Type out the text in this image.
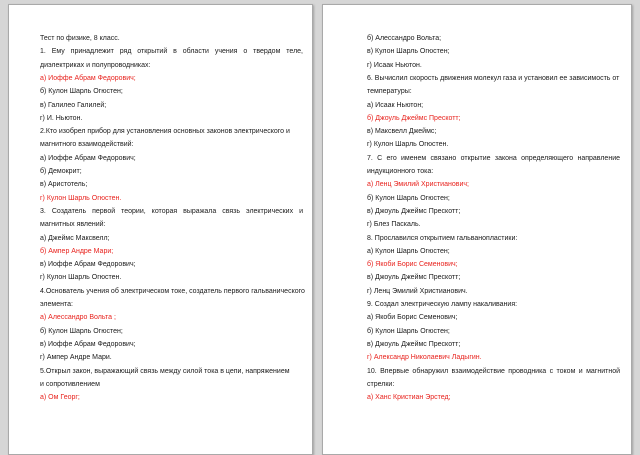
Тест по физике, 8 класс.
1. Ему принадлежит ряд открытий в области учения о твердом теле,
диэлектриках и полупроводниках:
а) Иоффе Абрам Федорович;
б) Кулон Шарль Огюстен;
в) Галилео Галилей;
г) И. Ньютон.
2.Кто изобрел прибор для установления основных законов электрического и
магнитного взаимодействий:
а) Иоффе Абрам Федорович;
б) Демокрит;
в) Аристотель;
г) Кулон Шарль Огюстен.
3. Создатель первой теории, которая выражала связь электрических и
магнитных явлений:
а) Джеймс Максвелл;
б) Ампер Андре Мари;
в) Иоффе Абрам Федорович;
г) Кулон Шарль Огюстен.
4.Основатель учения об электрическом токе, создатель первого гальванического
элемента:
а) Алессандро Вольта ;
б) Кулон Шарль Огюстен;
в) Иоффе Абрам Федорович;
г) Ампер Андре Мари.
5.Открыл закон, выражающий связь между силой тока в цепи, напряжением
и сопротивлением
а) Ом Георг;
б) Алессандро Вольта;
в) Кулон Шарль Огюстен;
г) Исаак Ньютон.
6. Вычислил скорость движения молекул газа и установил ее зависимость от
температуры:
а) Исаак Ньютон;
б) Джоуль Джеймс Прескотт;
в) Максвелл Джеймс;
г) Кулон Шарль Огюстен.
7. С его именем связано открытие закона определяющего направление
индукционного тока:
а) Ленц Эмилий Христианович;
б) Кулон Шарль Огюстен;
в) Джоуль Джеймс Прескотт;
г) Блез Паскаль.
8. Прославился открытием гальванопластики:
а) Кулон Шарль Огюстен;
б) Якоби Борис Семенович;
в) Джоуль Джеймс Прескотт;
г) Ленц Эмилий Христианович.
9. Создал электрическую лампу накаливания:
а) Якоби Борис Семенович;
б) Кулон Шарль Огюстен;
в) Джоуль Джеймс Прескотт;
г) Александр Николаевич Ладыгин.
10. Впервые обнаружил взаимодействие проводника с током и магнитной
стрелки:
а) Ханс Кристиан Эрстед;
